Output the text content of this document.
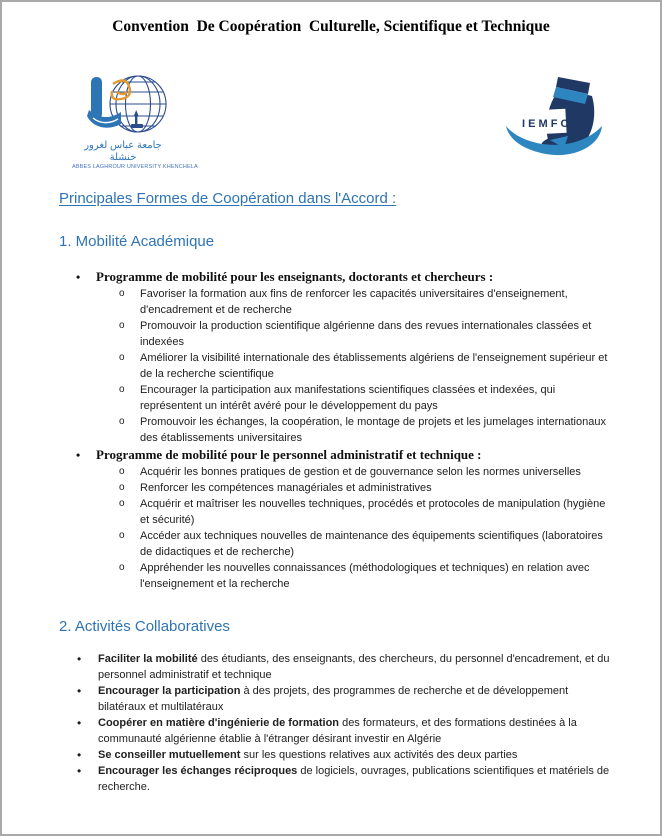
Convention  De Coopération  Culturelle, Scientifique et Technique
جامعة عباس لغرور خنشلة
ABBES LAGHROUR UNIVERSITY KHENCHELA
I E M F C
Principales Formes de Coopération dans l'Accord :
1. Mobilité Académique
•	Programme de mobilité pour les enseignants, doctorants et chercheurs :
o	Favoriser la formation aux fins de renforcer les capacités universitaires d'enseignement, d'encadrement et de recherche
o	Promouvoir la production scientifique algérienne dans des revues internationales classées et indexées
o	Améliorer la visibilité internationale des établissements algériens de l'enseignement supérieur et de la recherche scientifique
o	Encourager la participation aux manifestations scientifiques classées et indexées, qui représentent un intérêt avéré pour le développement du pays
o	Promouvoir les échanges, la coopération, le montage de projets et les jumelages internationaux des établissements universitaires
•	Programme de mobilité pour le personnel administratif et technique :
o	Acquérir les bonnes pratiques de gestion et de gouvernance selon les normes universelles
o	Renforcer les compétences managériales et administratives
o	Acquérir et maîtriser les nouvelles techniques, procédés et protocoles de manipulation (hygiène et sécurité)
o	Accéder aux techniques nouvelles de maintenance des équipements scientifiques (laboratoires de didactiques et de recherche)
o	Appréhender les nouvelles connaissances (méthodologiques et techniques) en relation avec l'enseignement et la recherche
2. Activités Collaboratives
•	Faciliter la mobilité des étudiants, des enseignants, des chercheurs, du personnel d'encadrement, et du personnel administratif et technique
•	Encourager la participation à des projets, des programmes de recherche et de développement bilatéraux et multilatéraux
•	Coopérer en matière d'ingénierie de formation des formateurs, et des formations destinées à la communauté algérienne établie à l'étranger désirant investir en Algérie
•	Se conseiller mutuellement sur les questions relatives aux activités des deux parties
•	Encourager les échanges réciproques de logiciels, ouvrages, publications scientifiques et matériels de recherche.
